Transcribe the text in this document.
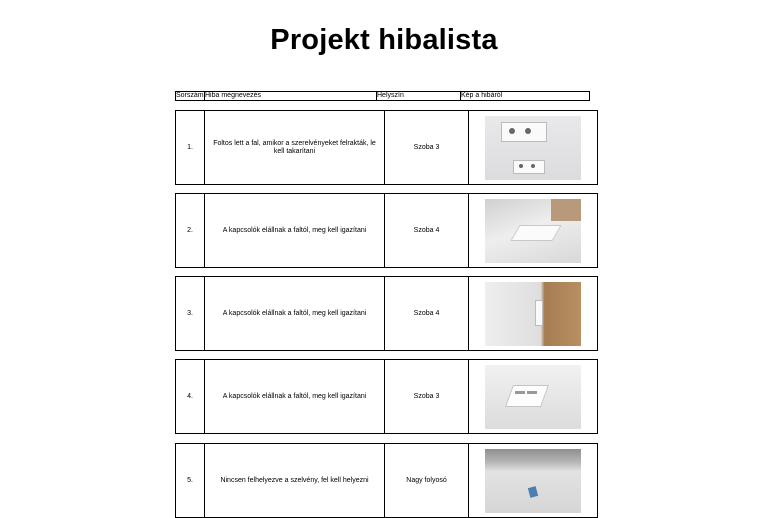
Projekt hibalista
Sorszám	Hiba megnevezés	Helyszín	Kép a hibáról
1.	Foltos lett a fal, amikor a szerelvényeket felrakták, le kell takarítani	Szoba 3	
2.	A kapcsolók elállnak a faltól, meg kell igazítani	Szoba 4	
3.	A kapcsolók elállnak a faltól, meg kell igazítani	Szoba 4	
4.	A kapcsolók elállnak a faltól, meg kell igazítani	Szoba 3	
5.	Nincsen felhelyezve a szelvény, fel kell helyezni	Nagy folyosó	
